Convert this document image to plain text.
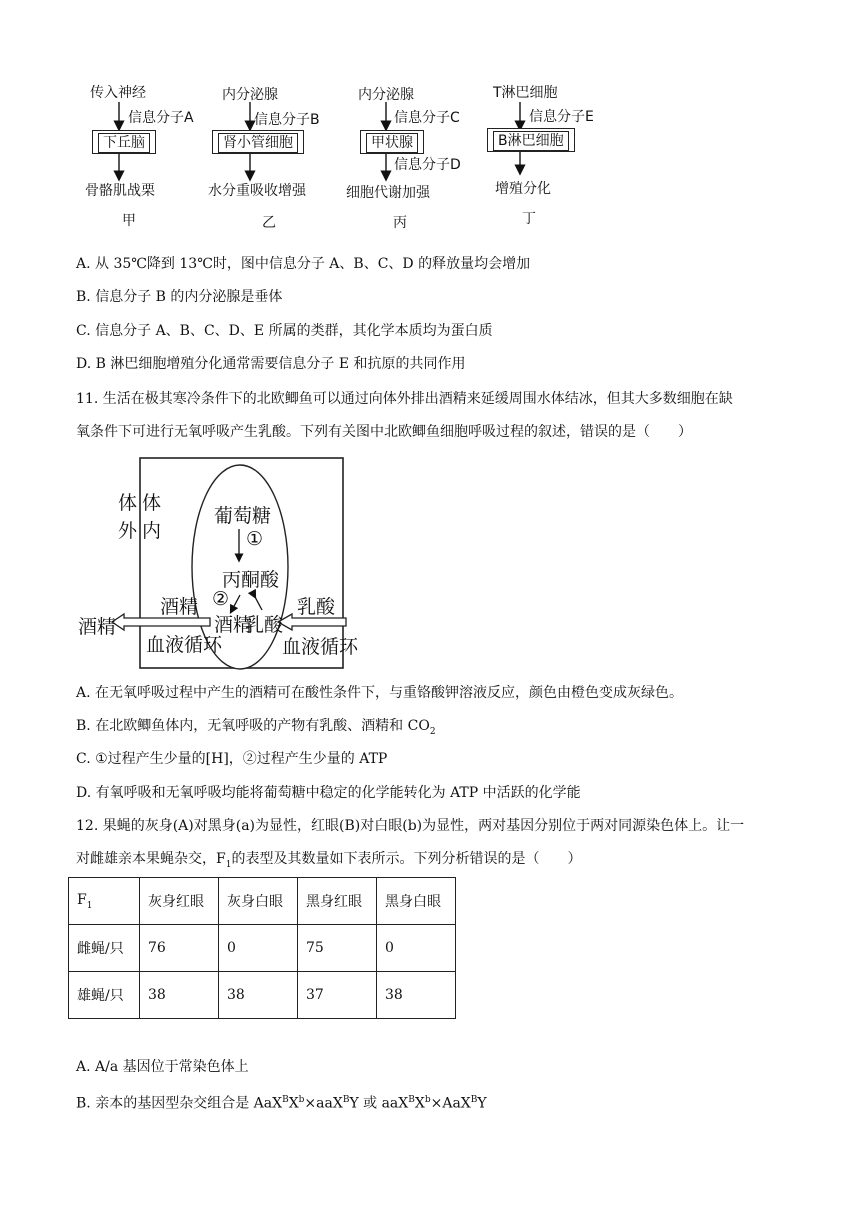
传入神经
信息分子A
下丘脑
骨骼肌战栗
甲
内分泌腺
信息分子B
肾小管细胞
水分重吸收增强
乙
内分泌腺
信息分子C
甲状腺
信息分子D
细胞代谢加强
丙
T淋巴细胞
信息分子E
B淋巴细胞
增殖分化
丁
A. 从 35℃降到 13℃时，图中信息分子 A、B、C、D 的释放量均会增加
B. 信息分子 B 的内分泌腺是垂体
C. 信息分子 A、B、C、D、E 所属的类群，其化学本质均为蛋白质
D. B 淋巴细胞增殖分化通常需要信息分子 E 和抗原的共同作用
11. 生活在极其寒冷条件下的北欧鲫鱼可以通过向体外排出酒精来延缓周围水体结冰，但其大多数细胞在缺
氧条件下可进行无氧呼吸产生乳酸。下列有关图中北欧鲫鱼细胞呼吸过程的叙述，错误的是（　　）
体
外
体
内
葡萄糖
①
丙酮酸
②
酒精
乳酸
酒精
血液循环
酒精
乳酸
血液循环
A. 在无氧呼吸过程中产生的酒精可在酸性条件下，与重铬酸钾溶液反应，颜色由橙色变成灰绿色。
B. 在北欧鲫鱼体内，无氧呼吸的产物有乳酸、酒精和 $CO_2$
C. ①过程产生少量的[H]，②过程产生少量的 ATP
D. 有氧呼吸和无氧呼吸均能将葡萄糖中稳定的化学能转化为 ATP 中活跃的化学能
12. 果蝇的灰身(A)对黑身(a)为显性，红眼(B)对白眼(b)为显性，两对基因分别位于两对同源染色体上。让一
对雌雄亲本果蝇杂交，$F_1$的表型及其数量如下表所示。下列分析错误的是（　　）
$F_1$	灰身红眼	灰身白眼	黑身红眼	黑身白眼
雌蝇/只	76	0	75	0
雄蝇/只	38	38	37	38
A. A/a 基因位于常染色体上
B. 亲本的基因型杂交组合是 $AaX^BX^b\times aaX^BY$ 或 $aaX^BX^b\times AaX^BY$
